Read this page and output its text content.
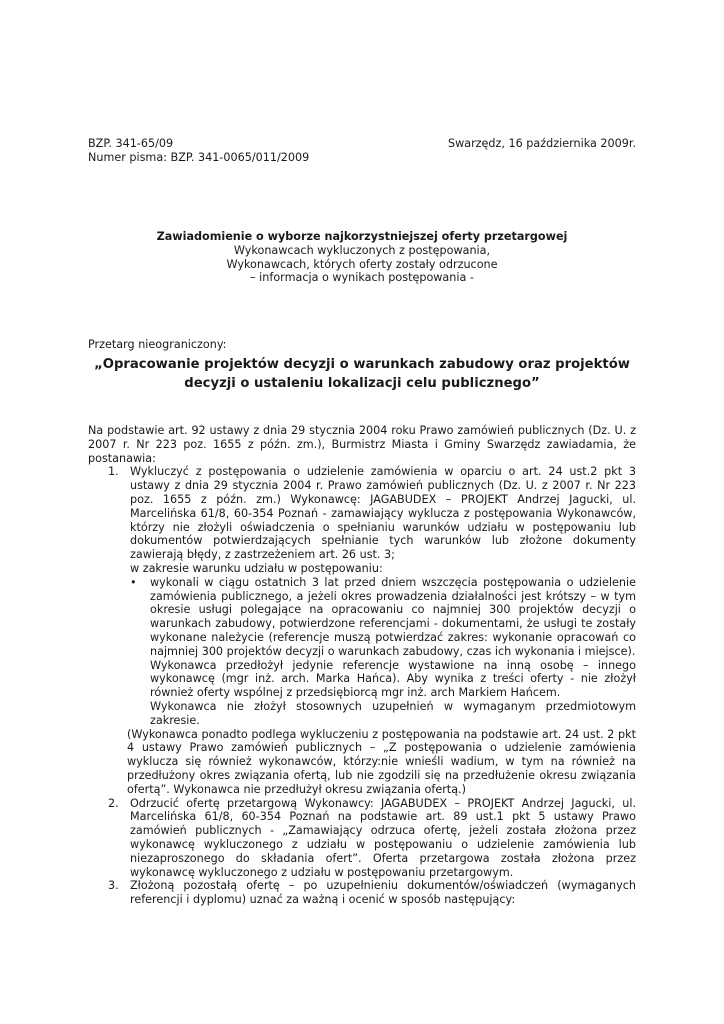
BZP. 341-65/09	Swarzędz, 16 października 2009r.
Numer pisma: BZP. 341-0065/011/2009
Zawiadomienie o wyborze najkorzystniejszej oferty przetargowej
Wykonawcach wykluczonych z postępowania,
Wykonawcach, których oferty zostały odrzucone
– informacja o wynikach postępowania -
Przetarg nieograniczony:
„Opracowanie projektów decyzji o warunkach zabudowy oraz projektów decyzji o ustaleniu lokalizacji celu publicznego”

Na podstawie art. 92 ustawy z dnia 29 stycznia 2004 roku Prawo zamówień publicznych (Dz. U. z 2007 r. Nr 223 poz. 1655 z późn. zm.), Burmistrz Miasta i Gminy Swarzędz zawiadamia, że postanawia:

1. Wykluczyć z postępowania o udzielenie zamówienia w oparciu o art. 24 ust.2 pkt 3 ustawy z dnia 29 stycznia 2004 r. Prawo zamówień publicznych (Dz. U. z 2007 r. Nr 223 poz. 1655 z późn. zm.) Wykonawcę: JAGABUDEX – PROJEKT Andrzej Jagucki, ul. Marcelińska 61/8, 60-354 Poznań - zamawiający wyklucza z postępowania Wykonawców, którzy nie złożyli oświadczenia o spełnianiu warunków udziału w postępowaniu lub dokumentów potwierdzających spełnianie tych warunków lub złożone dokumenty zawierają błędy, z zastrzeżeniem art. 26 ust. 3;
w zakresie warunku udziału w postępowaniu:
• wykonali w ciągu ostatnich 3 lat przed dniem wszczęcia postępowania o udzielenie zamówienia publicznego, a jeżeli okres prowadzenia działalności jest krótszy – w tym okresie usługi polegające na opracowaniu co najmniej 300 projektów decyzji o warunkach zabudowy, potwierdzone referencjami - dokumentami, że usługi te zostały wykonane należycie (referencje muszą potwierdzać zakres: wykonanie opracowań co najmniej 300 projektów decyzji o warunkach zabudowy, czas ich wykonania i miejsce).
Wykonawca przedłożył jedynie referencje wystawione na inną osobę – innego wykonawcę (mgr inż. arch. Marka Hańca). Aby wynika z treści oferty - nie złożył również oferty wspólnej z przedsiębiorcą mgr inż. arch Markiem Hańcem.
Wykonawca nie złożył stosownych uzupełnień w wymaganym przedmiotowym zakresie.
(Wykonawca ponadto podlega wykluczeniu z postępowania na podstawie art. 24 ust. 2 pkt 4 ustawy Prawo zamówień publicznych – „Z postępowania o udzielenie zamówienia wyklucza się również wykonawców, którzy:nie wnieśli wadium, w tym na również na przedłużony okres związania ofertą, lub nie zgodzili się na przedłużenie okresu związania ofertą”. Wykonawca nie przedłużył okresu związania ofertą.)
2. Odrzucić ofertę przetargową Wykonawcy: JAGABUDEX – PROJEKT Andrzej Jagucki, ul. Marcelińska 61/8, 60-354 Poznań na podstawie art. 89 ust.1 pkt 5 ustawy Prawo zamówień publicznych - „Zamawiający odrzuca ofertę, jeżeli została złożona przez wykonawcę wykluczonego z udziału w postępowaniu o udzielenie zamówienia lub niezaproszonego do składania ofert”. Oferta przetargowa została złożona przez wykonawcę wykluczonego z udziału w postępowaniu przetargowym.
3. Złożoną pozostałą ofertę – po uzupełnieniu dokumentów/oświadczeń (wymaganych referencji i dyplomu) uznać za ważną i ocenić w sposób następujący:
